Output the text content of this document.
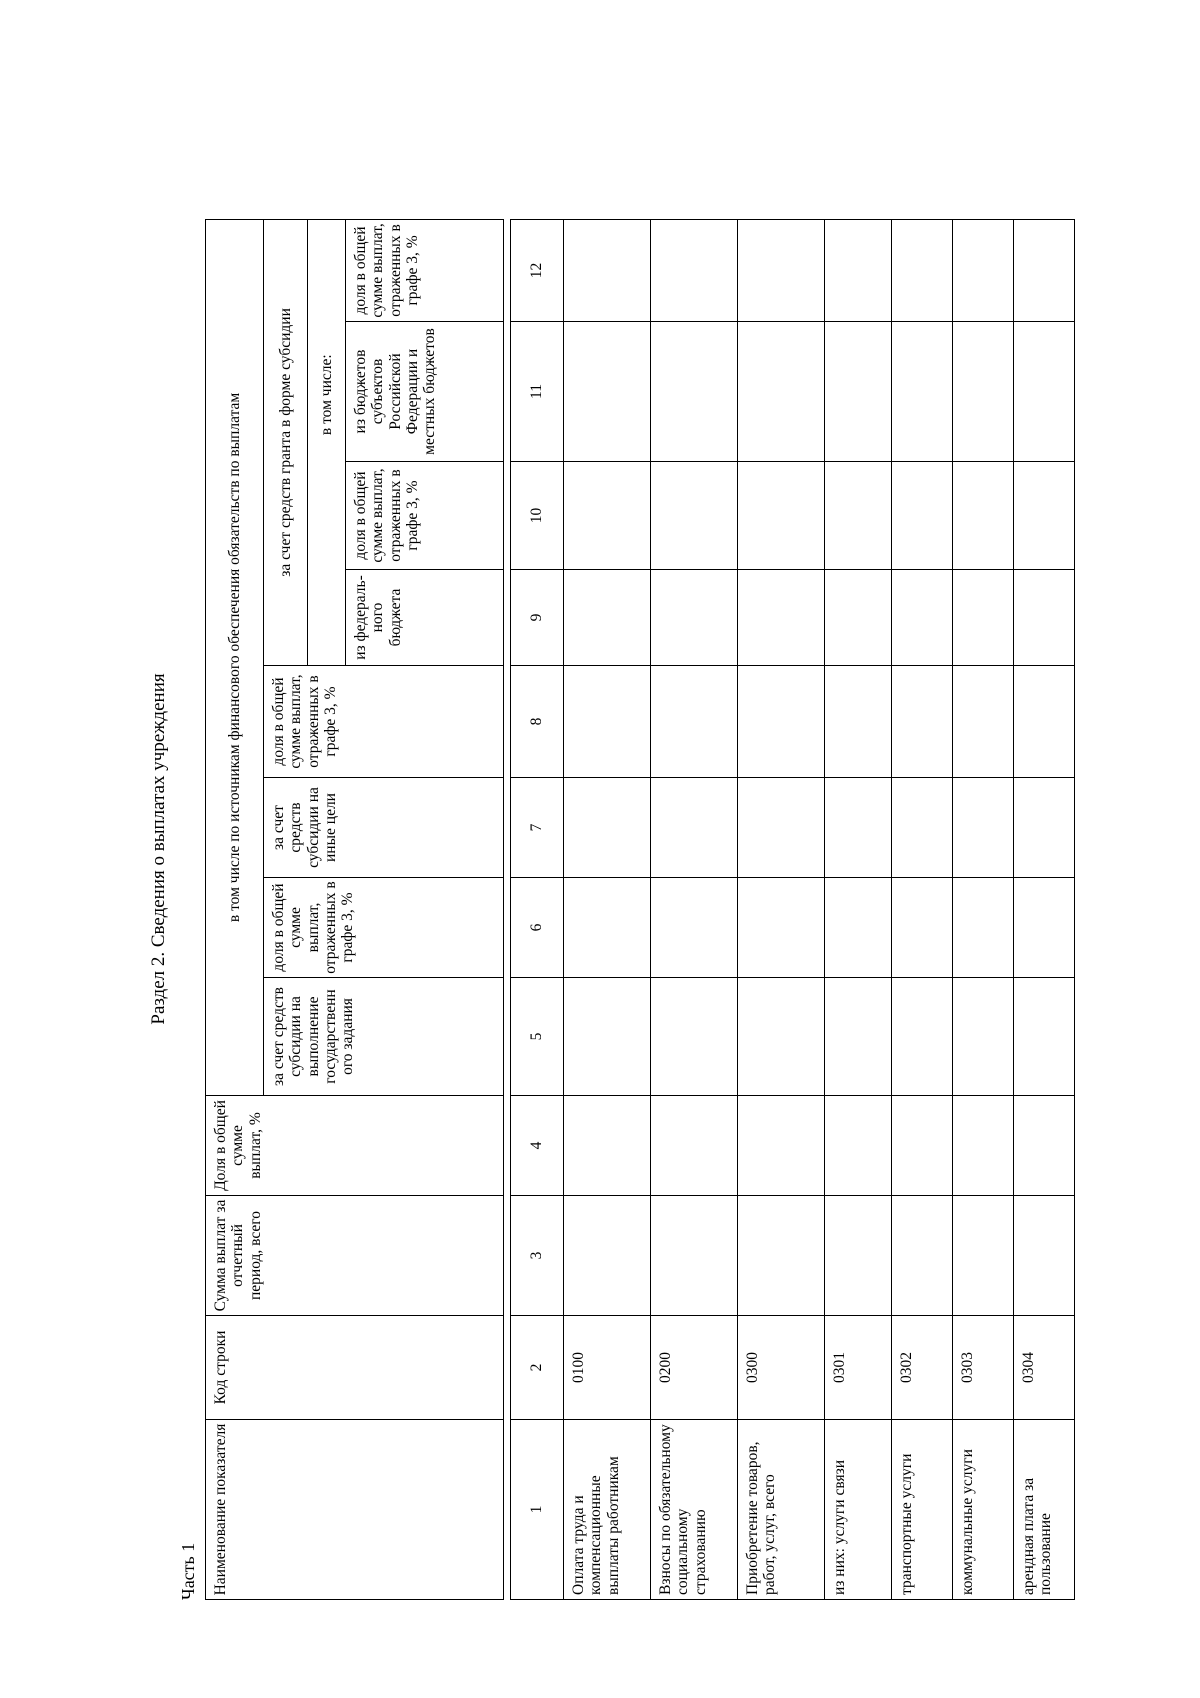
Раздел 2. Сведения о выплатах учреждения
Часть 1 Наименование показателя	Код строки	Сумма выплат за отчетный период, всего	Доля в общей сумме выплат, %	в том числе по источникам финансового обеспечения обязательств по выплатам							
				за счет средств субсидии на выполнение государственн ого задания	доля в общей сумме выплат, отраженных в графе 3, %	за счет средств субсидии на иные цели	доля в общей сумме выплат, отраженных в графе 3, %	за счет средств гранта в форме субсидии			
									в том числе:		
								из федераль-ного бюджета	доля в общей сумме выплат, отраженных в графе 3, %	из бюджетов субъектов Российской Федерации и местных бюджетов	доля в общей сумме выплат, отраженных в графе 3, %
1	2	3	4	5	6	7	8	9	10	11	12
Оплата труда и компенсационные выплаты работникам	0100										
Взносы по обязательному социальному страхованию	0200										
Приобретение товаров, работ, услуг, всего	0300										
из них: услуги связи	0301										
транспортные услуги	0302										
коммунальные услуги	0303										
арендная плата за пользование	0304										
